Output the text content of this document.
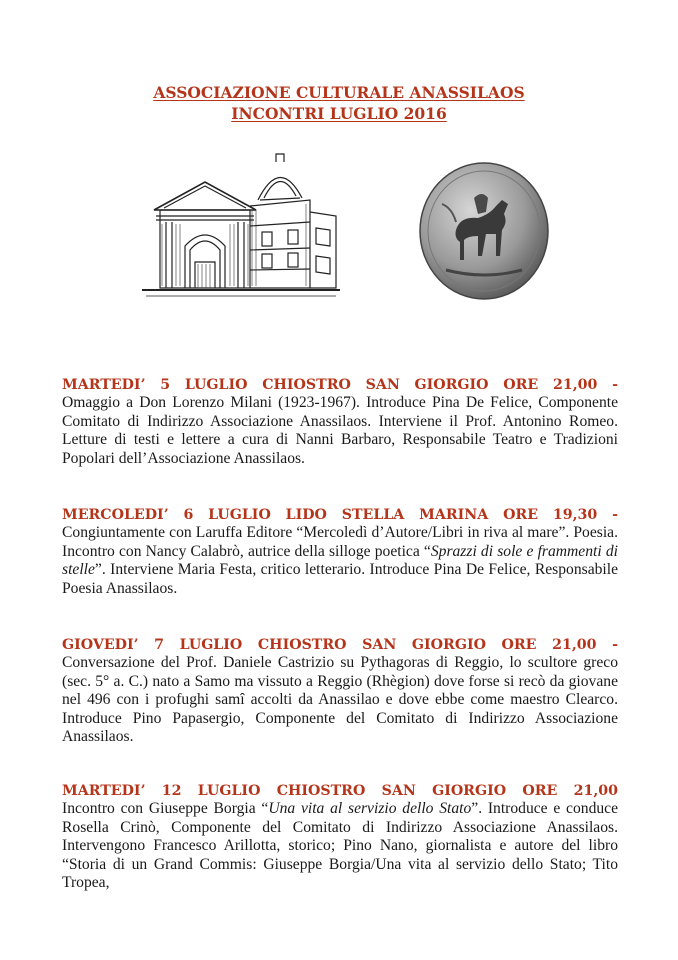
ASSOCIAZIONE CULTURALE ANASSILAOS
INCONTRI LUGLIO 2016
MARTEDI’ 5 LUGLIO CHIOSTRO SAN GIORGIO ORE 21,00 -
Omaggio a Don Lorenzo Milani (1923-1967). Introduce Pina De Felice, Componente Comitato di Indirizzo Associazione Anassilaos. Interviene il Prof. Antonino Romeo. Letture di testi e lettere a cura di Nanni Barbaro, Responsabile Teatro e Tradizioni Popolari dell’Associazione Anassilaos.
MERCOLEDI’ 6 LUGLIO LIDO STELLA MARINA ORE 19,30 -
Congiuntamente con Laruffa Editore “Mercoledì d’Autore/Libri in riva al mare”. Poesia. Incontro con Nancy Calabrò, autrice della silloge poetica “Sprazzi di sole e frammenti di stelle”. Interviene Maria Festa, critico letterario. Introduce Pina De Felice, Responsabile Poesia Anassilaos.
GIOVEDI’ 7 LUGLIO CHIOSTRO SAN GIORGIO ORE 21,00 -
Conversazione del Prof. Daniele Castrizio su Pythagoras di Reggio, lo scultore greco (sec. 5° a. C.) nato a Samo ma vissuto a Reggio (Rhègion) dove forse si recò da giovane nel 496 con i profughi samî accolti da Anassilao e dove ebbe come maestro Clearco. Introduce Pino Papasergio, Componente del Comitato di Indirizzo Associazione Anassilaos.
MARTEDI’ 12 LUGLIO CHIOSTRO SAN GIORGIO ORE 21,00
Incontro con Giuseppe Borgia “Una vita al servizio dello Stato”. Introduce e conduce Rosella Crinò, Componente del Comitato di Indirizzo Associazione Anassilaos. Intervengono Francesco Arillotta, storico; Pino Nano, giornalista e autore del libro “Storia di un Grand Commis: Giuseppe Borgia/Una vita al servizio dello Stato; Tito Tropea,
